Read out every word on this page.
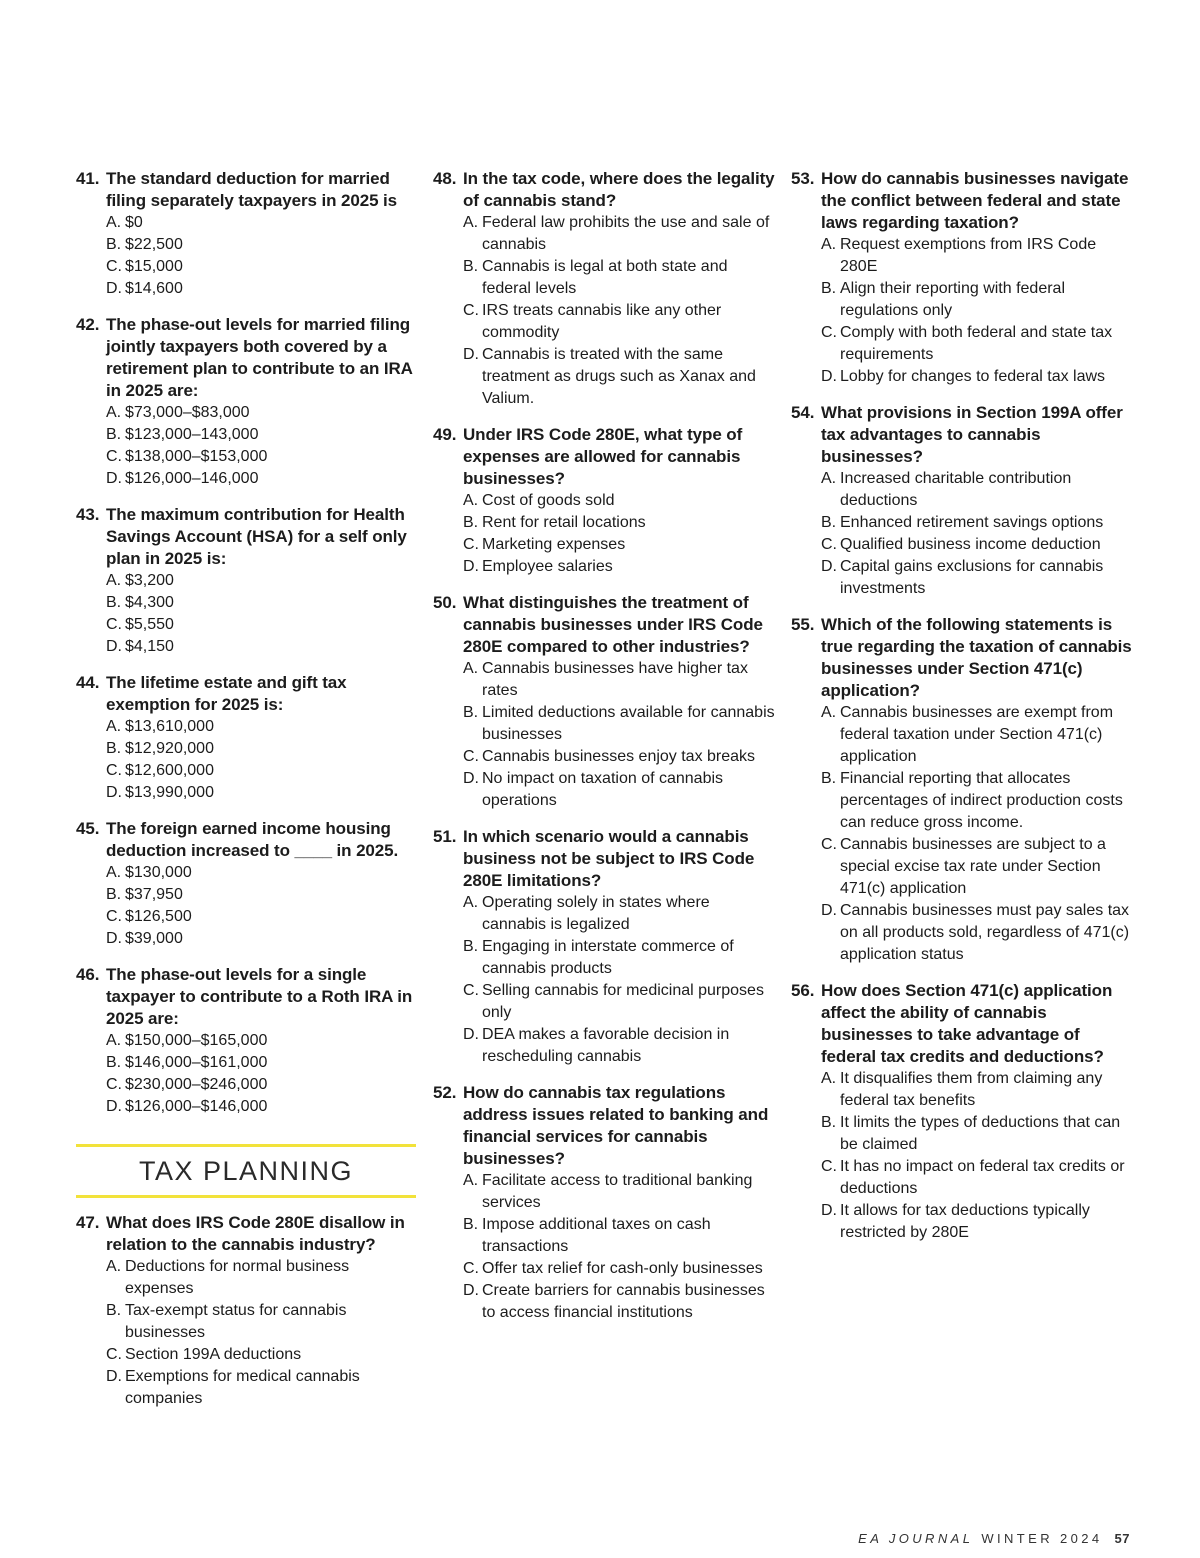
41. The standard deduction for married filing separately taxpayers in 2025 is
A. $0
B. $22,500
C. $15,000
D. $14,600
42. The phase-out levels for married filing jointly taxpayers both covered by a retirement plan to contribute to an IRA in 2025 are:
A. $73,000–$83,000
B. $123,000–143,000
C. $138,000–$153,000
D. $126,000–146,000
43. The maximum contribution for Health Savings Account (HSA) for a self only plan in 2025 is:
A. $3,200
B. $4,300
C. $5,550
D. $4,150
44. The lifetime estate and gift tax exemption for 2025 is:
A. $13,610,000
B. $12,920,000
C. $12,600,000
D. $13,990,000
45. The foreign earned income housing deduction increased to ____ in 2025.
A. $130,000
B. $37,950
C. $126,500
D. $39,000
46. The phase-out levels for a single taxpayer to contribute to a Roth IRA in 2025 are:
A. $150,000–$165,000
B. $146,000–$161,000
C. $230,000–$246,000
D. $126,000–$146,000
TAX PLANNING
47. What does IRS Code 280E disallow in relation to the cannabis industry?
A. Deductions for normal business expenses
B. Tax-exempt status for cannabis businesses
C. Section 199A deductions
D. Exemptions for medical cannabis companies
48. In the tax code, where does the legality of cannabis stand?
A. Federal law prohibits the use and sale of cannabis
B. Cannabis is legal at both state and federal levels
C. IRS treats cannabis like any other commodity
D. Cannabis is treated with the same treatment as drugs such as Xanax and Valium.
49. Under IRS Code 280E, what type of expenses are allowed for cannabis businesses?
A. Cost of goods sold
B. Rent for retail locations
C. Marketing expenses
D. Employee salaries
50. What distinguishes the treatment of cannabis businesses under IRS Code 280E compared to other industries?
A. Cannabis businesses have higher tax rates
B. Limited deductions available for cannabis businesses
C. Cannabis businesses enjoy tax breaks
D. No impact on taxation of cannabis operations
51. In which scenario would a cannabis business not be subject to IRS Code 280E limitations?
A. Operating solely in states where cannabis is legalized
B. Engaging in interstate commerce of cannabis products
C. Selling cannabis for medicinal purposes only
D. DEA makes a favorable decision in rescheduling cannabis
52. How do cannabis tax regulations address issues related to banking and financial services for cannabis businesses?
A. Facilitate access to traditional banking services
B. Impose additional taxes on cash transactions
C. Offer tax relief for cash-only businesses
D. Create barriers for cannabis businesses to access financial institutions
53. How do cannabis businesses navigate the conflict between federal and state laws regarding taxation?
A. Request exemptions from IRS Code 280E
B. Align their reporting with federal regulations only
C. Comply with both federal and state tax requirements
D. Lobby for changes to federal tax laws
54. What provisions in Section 199A offer tax advantages to cannabis businesses?
A. Increased charitable contribution deductions
B. Enhanced retirement savings options
C. Qualified business income deduction
D. Capital gains exclusions for cannabis investments
55. Which of the following statements is true regarding the taxation of cannabis businesses under Section 471(c) application?
A. Cannabis businesses are exempt from federal taxation under Section 471(c) application
B. Financial reporting that allocates percentages of indirect production costs can reduce gross income.
C. Cannabis businesses are subject to a special excise tax rate under Section 471(c) application
D. Cannabis businesses must pay sales tax on all products sold, regardless of 471(c) application status
56. How does Section 471(c) application affect the ability of cannabis businesses to take advantage of federal tax credits and deductions?
A. It disqualifies them from claiming any federal tax benefits
B. It limits the types of deductions that can be claimed
C. It has no impact on federal tax credits or deductions
D. It allows for tax deductions typically restricted by 280E
EA JOURNAL WINTER 2024 57
